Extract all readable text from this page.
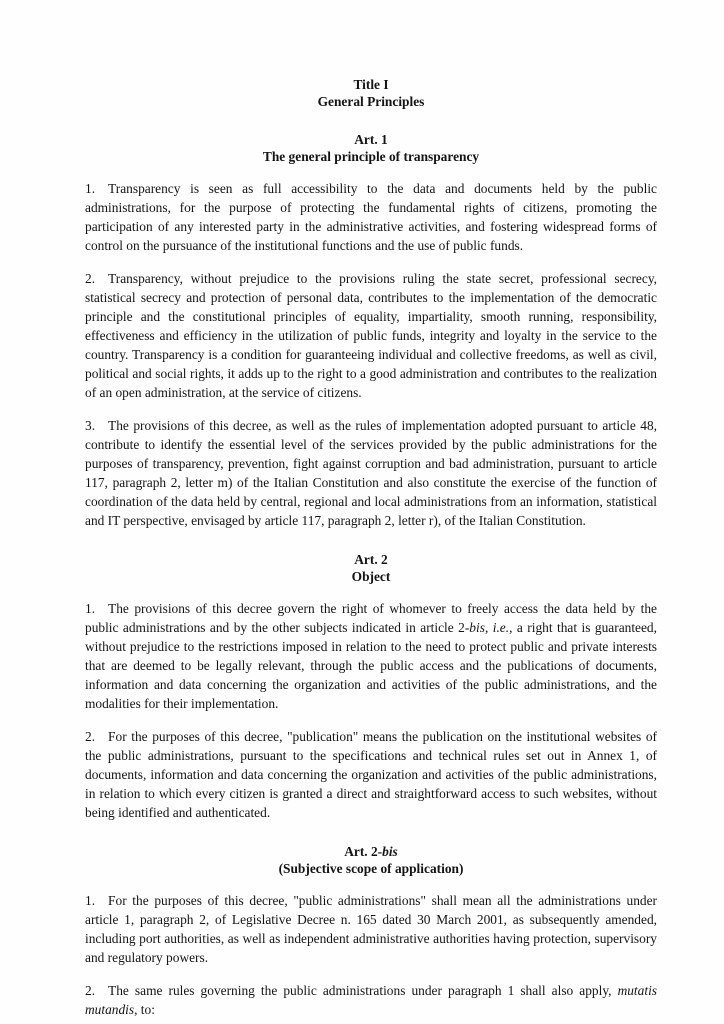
Title I
General Principles
Art. 1
The general principle of transparency

1. Transparency is seen as full accessibility to the data and documents held by the public administrations, for the purpose of protecting the fundamental rights of citizens, promoting the participation of any interested party in the administrative activities, and fostering widespread forms of control on the pursuance of the institutional functions and the use of public funds.

2. Transparency, without prejudice to the provisions ruling the state secret, professional secrecy, statistical secrecy and protection of personal data, contributes to the implementation of the democratic principle and the constitutional principles of equality, impartiality, smooth running, responsibility, effectiveness and efficiency in the utilization of public funds, integrity and loyalty in the service to the country. Transparency is a condition for guaranteeing individual and collective freedoms, as well as civil, political and social rights, it adds up to the right to a good administration and contributes to the realization of an open administration, at the service of citizens.

3. The provisions of this decree, as well as the rules of implementation adopted pursuant to article 48, contribute to identify the essential level of the services provided by the public administrations for the purposes of transparency, prevention, fight against corruption and bad administration, pursuant to article 117, paragraph 2, letter m) of the Italian Constitution and also constitute the exercise of the function of coordination of the data held by central, regional and local administrations from an information, statistical and IT perspective, envisaged by article 117, paragraph 2, letter r), of the Italian Constitution.

Art. 2
Object

1. The provisions of this decree govern the right of whomever to freely access the data held by the public administrations and by the other subjects indicated in article 2-bis, i.e., a right that is guaranteed, without prejudice to the restrictions imposed in relation to the need to protect public and private interests that are deemed to be legally relevant, through the public access and the publications of documents, information and data concerning the organization and activities of the public administrations, and the modalities for their implementation.

2. For the purposes of this decree, "publication" means the publication on the institutional websites of the public administrations, pursuant to the specifications and technical rules set out in Annex 1, of documents, information and data concerning the organization and activities of the public administrations, in relation to which every citizen is granted a direct and straightforward access to such websites, without being identified and authenticated.

Art. 2-bis
(Subjective scope of application)

1. For the purposes of this decree, "public administrations" shall mean all the administrations under article 1, paragraph 2, of Legislative Decree n. 165 dated 30 March 2001, as subsequently amended, including port authorities, as well as independent administrative authorities having protection, supervisory and regulatory powers.

2. The same rules governing the public administrations under paragraph 1 shall also apply, mutatis mutandis, to:
